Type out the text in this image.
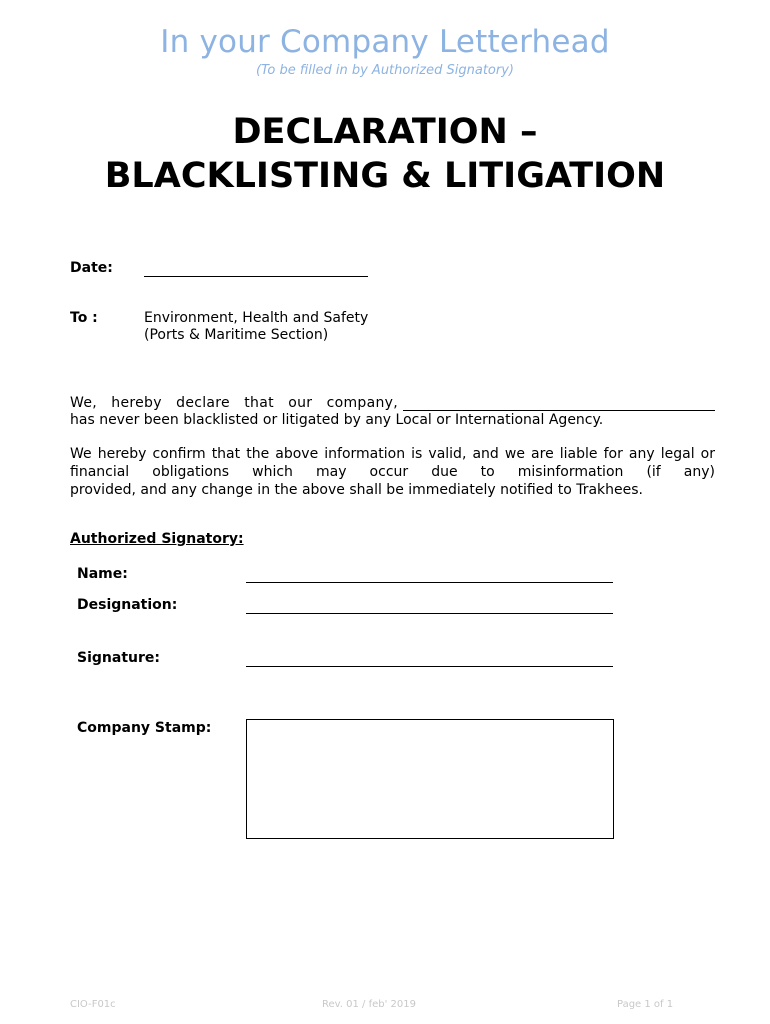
In your Company Letterhead
(To be filled in by Authorized Signatory)
DECLARATION –
BLACKLISTING & LITIGATION
Date:
To :	Environment, Health and Safety
(Ports & Maritime Section)
We, hereby declare that our company,
has never been blacklisted or litigated by any Local or International Agency.
We hereby confirm that the above information is valid, and we are liable for any legal or financial obligations which may occur due to misinformation (if any)
provided, and any change in the above shall be immediately notified to Trakhees.
Authorized Signatory:
Name:
Designation:
Signature:
Company Stamp:
CIO-F01c	Rev. 01 / feb' 2019	Page 1 of 1
